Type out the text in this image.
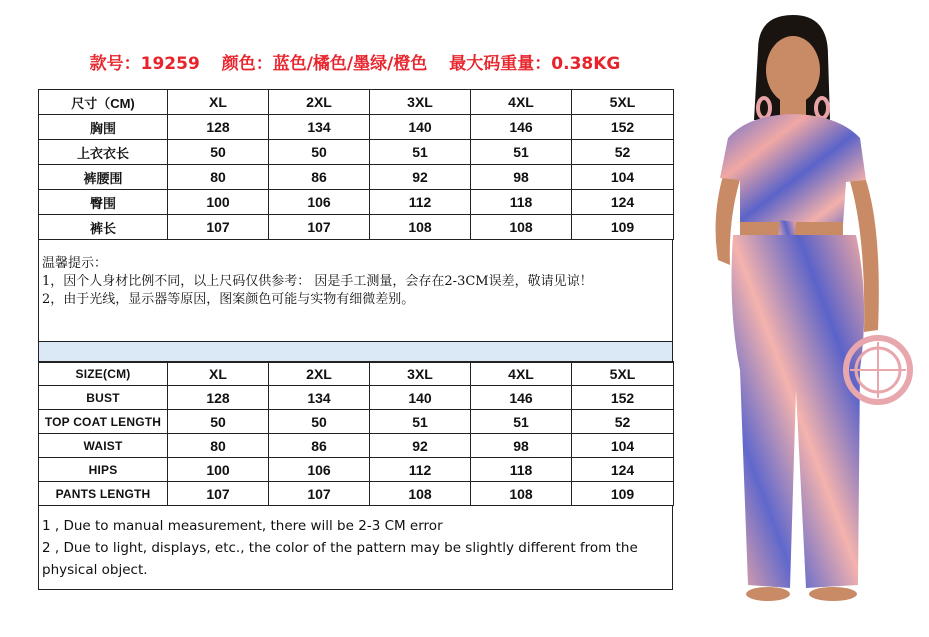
款号：19259 颜色：蓝色/橘色/墨绿/橙色 最大码重量：0.38KG
尺寸（CM)	XL	2XL	3XL	4XL	5XL
胸围	128	134	140	146	152
上衣衣长	50	50	51	51	52
裤腰围	80	86	92	98	104
臀围	100	106	112	118	124
裤长	107	107	108	108	109
温馨提示：
1，因个人身材比例不同，以上尺码仅供参考： 因是手工测量，会存在2-3CM误差，敬请见谅！
2，由于光线，显示器等原因，图案颜色可能与实物有细微差别。
SIZE(CM)	XL	2XL	3XL	4XL	5XL
BUST	128	134	140	146	152
TOP COAT LENGTH	50	50	51	51	52
WAIST	80	86	92	98	104
HIPS	100	106	112	118	124
PANTS LENGTH	107	107	108	108	109
1 , Due to manual measurement, there will be 2-3 CM error
2 , Due to light, displays, etc., the color of the pattern may be slightly different from the physical object.
